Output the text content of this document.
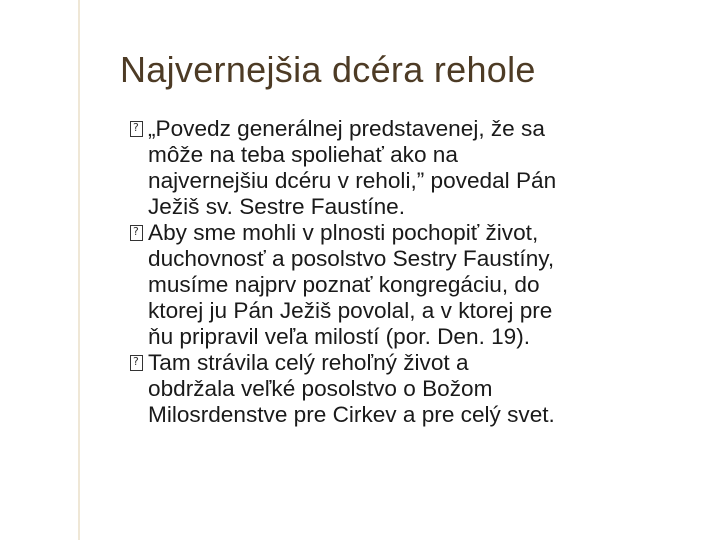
Najvernejšia dcéra rehole
?
„Povedz generálnej predstavenej, že sa
môže na teba spoliehať ako na
najvernejšiu dcéru v reholi,” povedal Pán
Ježiš sv. Sestre Faustíne.
?
Aby sme mohli v plnosti pochopiť život,
duchovnosť a posolstvo Sestry Faustíny,
musíme najprv poznať kongregáciu, do
ktorej ju Pán Ježiš povolal, a v ktorej pre
ňu pripravil veľa milostí (por. Den. 19).
?
Tam strávila celý rehoľný život a
obdržala veľké posolstvo o Božom
Milosrdenstve pre Cirkev a pre celý svet.
